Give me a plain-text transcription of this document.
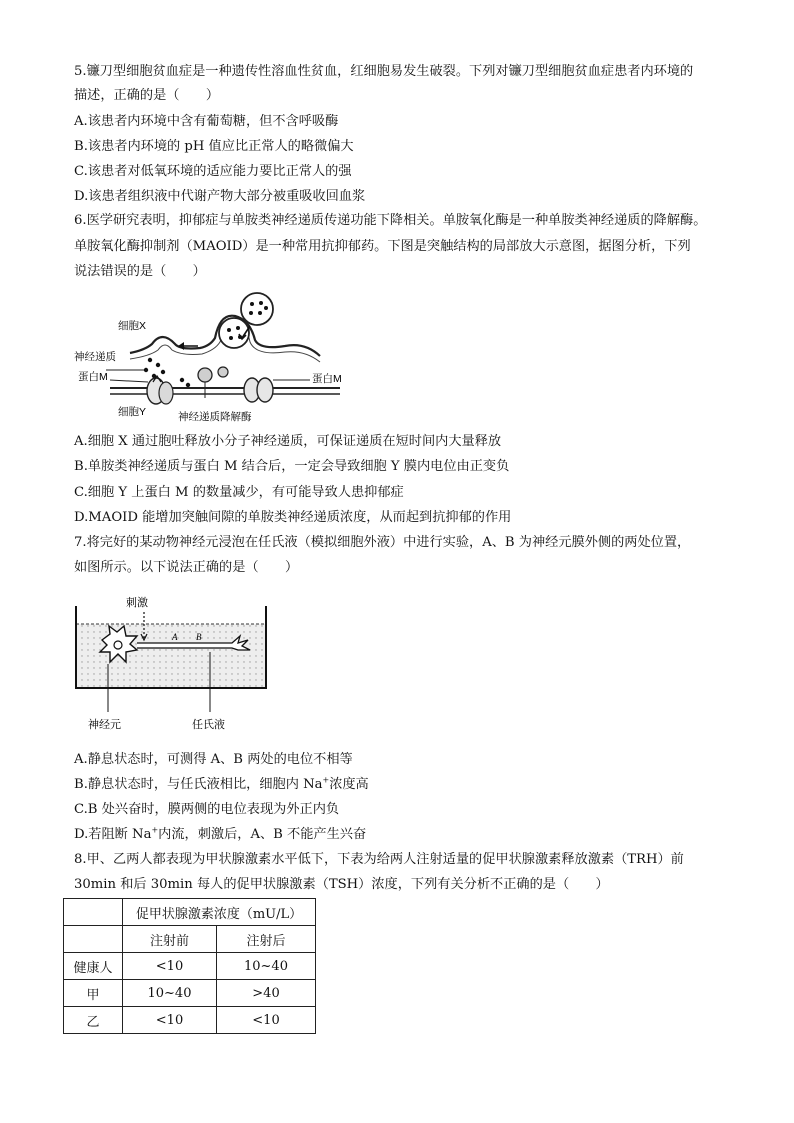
5.镰刀型细胞贫血症是一种遗传性溶血性贫血，红细胞易发生破裂。下列对镰刀型细胞贫血症患者内环境的
描述，正确的是（　　）
A.该患者内环境中含有葡萄糖，但不含呼吸酶
B.该患者内环境的 pH 值应比正常人的略微偏大
C.该患者对低氧环境的适应能力要比正常人的强
D.该患者组织液中代谢产物大部分被重吸收回血浆
6.医学研究表明，抑郁症与单胺类神经递质传递功能下降相关。单胺氧化酶是一种单胺类神经递质的降解酶。
单胺氧化酶抑制剂（MAOID）是一种常用抗抑郁药。下图是突触结构的局部放大示意图，据图分析，下列
说法错误的是（　　）
细胞X
神经递质
蛋白M	蛋白M
细胞Y	神经递质降解酶
A.细胞 X 通过胞吐释放小分子神经递质，可保证递质在短时间内大量释放
B.单胺类神经递质与蛋白 M 结合后，一定会导致细胞 Y 膜内电位由正变负
C.细胞 Y 上蛋白 M 的数量减少，有可能导致人患抑郁症
D.MAOID 能增加突触间隙的单胺类神经递质浓度，从而起到抗抑郁的作用
7.将完好的某动物神经元浸泡在任氏液（模拟细胞外液）中进行实验，A、B 为神经元膜外侧的两处位置，
如图所示。以下说法正确的是（　　）
刺激
A B
神经元	任氏液
A.静息状态时，可测得 A、B 两处的电位不相等
B.静息状态时，与任氏液相比，细胞内 Na+浓度高
C.B 处兴奋时，膜两侧的电位表现为外正内负
D.若阻断 Na+内流，刺激后，A、B 不能产生兴奋
8.甲、乙两人都表现为甲状腺激素水平低下，下表为给两人注射适量的促甲状腺激素释放激素（TRH）前
30min 和后 30min 每人的促甲状腺激素（TSH）浓度，下列有关分析不正确的是（　　）
	促甲状腺激素浓度（mU/L）	
	注射前	注射后
健康人	<10	10~40
甲	10~40	>40
乙	<10	<10
